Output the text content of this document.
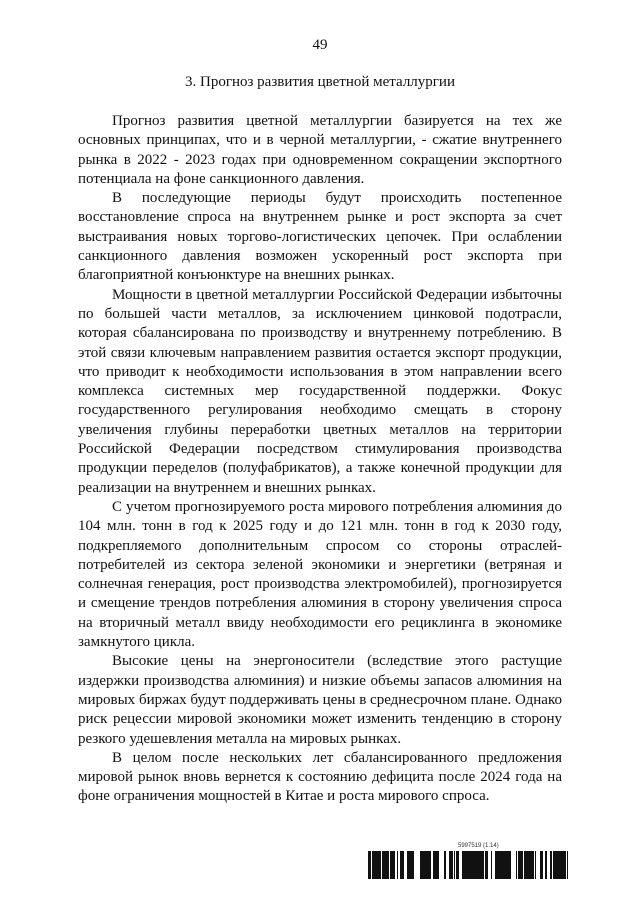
49
3. Прогноз развития цветной металлургии

Прогноз развития цветной металлургии базируется на тех же основных принципах, что и в черной металлургии, - сжатие внутреннего рынка в 2022 - 2023 годах при одновременном сокращении экспортного потенциала на фоне санкционного давления.

В последующие периоды будут происходить постепенное восстановление спроса на внутреннем рынке и рост экспорта за счет выстраивания новых торгово-логистических цепочек. При ослаблении санкционного давления возможен ускоренный рост экспорта при благоприятной конъюнктуре на внешних рынках.

Мощности в цветной металлургии Российской Федерации избыточны по большей части металлов, за исключением цинковой подотрасли, которая сбалансирована по производству и внутреннему потреблению. В этой связи ключевым направлением развития остается экспорт продукции, что приводит к необходимости использования в этом направлении всего комплекса системных мер государственной поддержки. Фокус государственного регулирования необходимо смещать в сторону увеличения глубины переработки цветных металлов на территории Российской Федерации посредством стимулирования производства продукции переделов (полуфабрикатов), а также конечной продукции для реализации на внутреннем и внешних рынках.

С учетом прогнозируемого роста мирового потребления алюминия до 104 млн. тонн в год к 2025 году и до 121 млн. тонн в год к 2030 году, подкрепляемого дополнительным спросом со стороны отраслей-потребителей из сектора зеленой экономики и энергетики (ветряная и солнечная генерация, рост производства электромобилей), прогнозируется и смещение трендов потребления алюминия в сторону увеличения спроса на вторичный металл ввиду необходимости его рециклинга в экономике замкнутого цикла.

Высокие цены на энергоносители (вследствие этого растущие издержки производства алюминия) и низкие объемы запасов алюминия на мировых биржах будут поддерживать цены в среднесрочном плане. Однако риск рецессии мировой экономики может изменить тенденцию в сторону резкого удешевления металла на мировых рынках.

В целом после нескольких лет сбалансированного предложения мировой рынок вновь вернется к состоянию дефицита после 2024 года на фоне ограничения мощностей в Китае и роста мирового спроса.

5997519 (1.14)
